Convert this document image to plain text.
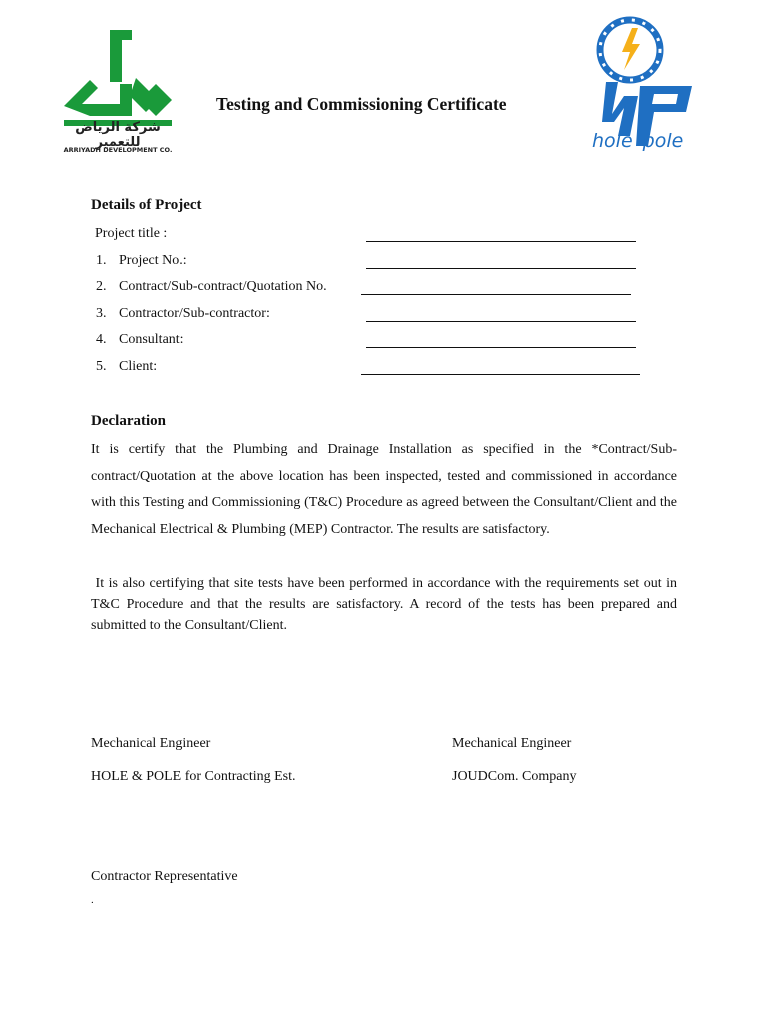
شركة الرياض للتعمير
ARRIYADH DEVELOPMENT CO.
Testing and Commissioning Certificate
hole pole
Details of Project
Project title :
1. Project No.:
2. Contract/Sub-contract/Quotation No.
3. Contractor/Sub-contractor:
4. Consultant:
5. Client:
Declaration
It is certify that the Plumbing and Drainage Installation as specified in the *Contract/Sub-contract/Quotation at the above location has been inspected, tested and commissioned in accordance with this Testing and Commissioning (T&C) Procedure as agreed between the Consultant/Client and the Mechanical Electrical & Plumbing (MEP) Contractor. The results are satisfactory.
It is also certifying that site tests have been performed in accordance with the requirements set out in T&C Procedure and that the results are satisfactory. A record of the tests has been prepared and submitted to the Consultant/Client.
Mechanical Engineer
HOLE & POLE for Contracting Est.
Mechanical Engineer
JOUDCom. Company
Contractor Representative
.
